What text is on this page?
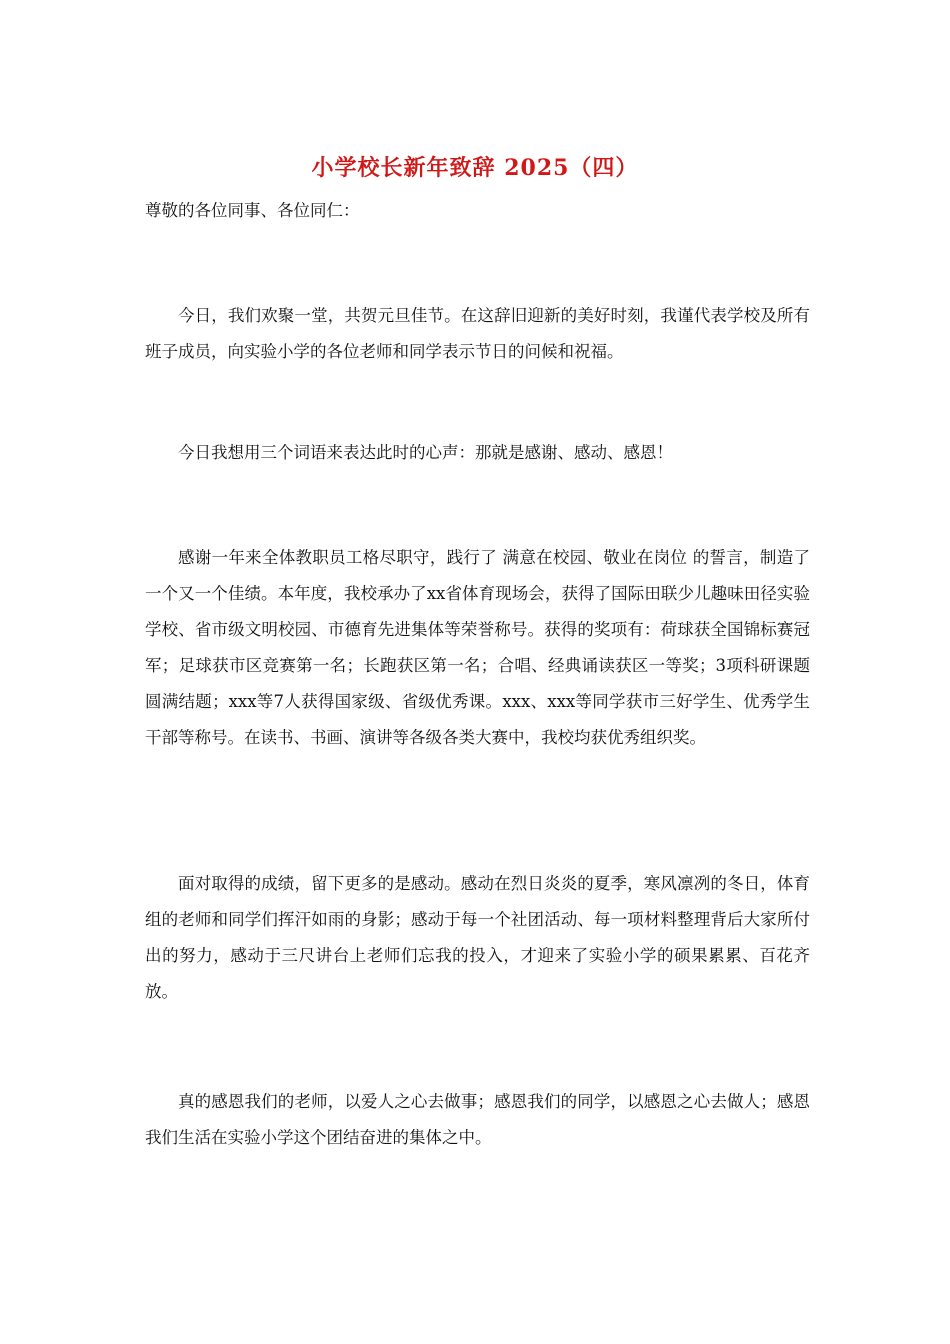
小学校长新年致辞 2025（四）

尊敬的各位同事、各位同仁：

今日，我们欢聚一堂，共贺元旦佳节。在这辞旧迎新的美好时刻，我谨代表学校及所有班子成员，向实验小学的各位老师和同学表示节日的问候和祝福。

今日我想用三个词语来表达此时的心声：那就是感谢、感动、感恩！

感谢一年来全体教职员工格尽职守，践行了 满意在校园、敬业在岗位 的誓言，制造了一个又一个佳绩。本年度，我校承办了xx省体育现场会，获得了国际田联少儿趣味田径实验学校、省市级文明校园、市德育先进集体等荣誉称号。获得的奖项有：荷球获全国锦标赛冠军；足球获市区竞赛第一名；长跑获区第一名；合唱、经典诵读获区一等奖；3项科研课题圆满结题；xxx等7人获得国家级、省级优秀课。xxx、xxx等同学获市三好学生、优秀学生干部等称号。在读书、书画、演讲等各级各类大赛中，我校均获优秀组织奖。

面对取得的成绩，留下更多的是感动。感动在烈日炎炎的夏季，寒风凛冽的冬日，体育组的老师和同学们挥汗如雨的身影；感动于每一个社团活动、每一项材料整理背后大家所付出的努力，感动于三尺讲台上老师们忘我的投入，才迎来了实验小学的硕果累累、百花齐放。

真的感恩我们的老师，以爱人之心去做事；感恩我们的同学，以感恩之心去做人；感恩我们生活在实验小学这个团结奋进的集体之中。
